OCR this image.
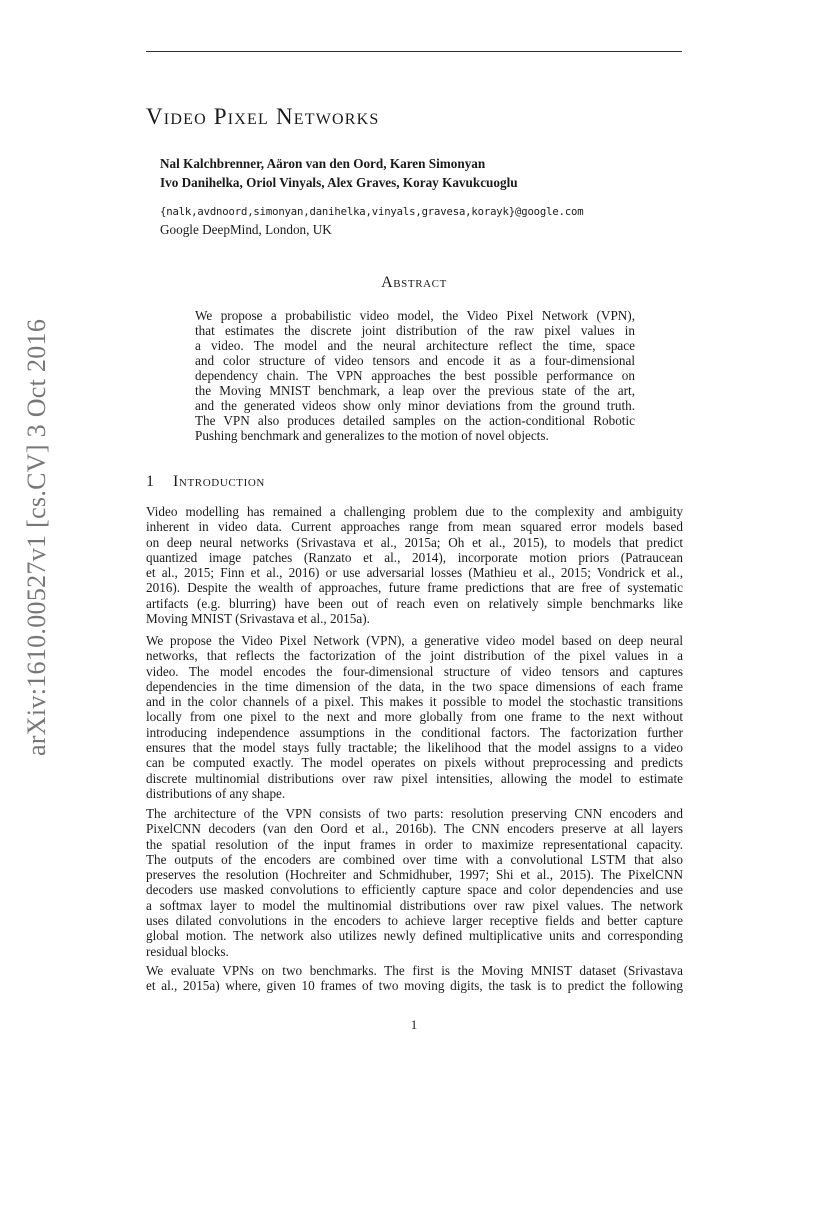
Video Pixel Networks
Nal Kalchbrenner, Aäron van den Oord, Karen Simonyan
Ivo Danihelka, Oriol Vinyals, Alex Graves, Koray Kavukcuoglu
{nalk,avdnoord,simonyan,danihelka,vinyals,gravesa,korayk}@google.com
Google DeepMind, London, UK
Abstract
We propose a probabilistic video model, the Video Pixel Network (VPN),
that estimates the discrete joint distribution of the raw pixel values in
a video. The model and the neural architecture reflect the time, space
and color structure of video tensors and encode it as a four-dimensional
dependency chain. The VPN approaches the best possible performance on
the Moving MNIST benchmark, a leap over the previous state of the art,
and the generated videos show only minor deviations from the ground truth.
The VPN also produces detailed samples on the action-conditional Robotic
Pushing benchmark and generalizes to the motion of novel objects.
1 Introduction
Video modelling has remained a challenging problem due to the complexity and ambiguity
inherent in video data. Current approaches range from mean squared error models based
on deep neural networks (Srivastava et al., 2015a; Oh et al., 2015), to models that predict
quantized image patches (Ranzato et al., 2014), incorporate motion priors (Patraucean
et al., 2015; Finn et al., 2016) or use adversarial losses (Mathieu et al., 2015; Vondrick et al.,
2016). Despite the wealth of approaches, future frame predictions that are free of systematic
artifacts (e.g. blurring) have been out of reach even on relatively simple benchmarks like
Moving MNIST (Srivastava et al., 2015a).
We propose the Video Pixel Network (VPN), a generative video model based on deep neural
networks, that reflects the factorization of the joint distribution of the pixel values in a
video. The model encodes the four-dimensional structure of video tensors and captures
dependencies in the time dimension of the data, in the two space dimensions of each frame
and in the color channels of a pixel. This makes it possible to model the stochastic transitions
locally from one pixel to the next and more globally from one frame to the next without
introducing independence assumptions in the conditional factors. The factorization further
ensures that the model stays fully tractable; the likelihood that the model assigns to a video
can be computed exactly. The model operates on pixels without preprocessing and predicts
discrete multinomial distributions over raw pixel intensities, allowing the model to estimate
distributions of any shape.
The architecture of the VPN consists of two parts: resolution preserving CNN encoders and
PixelCNN decoders (van den Oord et al., 2016b). The CNN encoders preserve at all layers
the spatial resolution of the input frames in order to maximize representational capacity.
The outputs of the encoders are combined over time with a convolutional LSTM that also
preserves the resolution (Hochreiter and Schmidhuber, 1997; Shi et al., 2015). The PixelCNN
decoders use masked convolutions to efficiently capture space and color dependencies and use
a softmax layer to model the multinomial distributions over raw pixel values. The network
uses dilated convolutions in the encoders to achieve larger receptive fields and better capture
global motion. The network also utilizes newly defined multiplicative units and corresponding
residual blocks.
We evaluate VPNs on two benchmarks. The first is the Moving MNIST dataset (Srivastava
et al., 2015a) where, given 10 frames of two moving digits, the task is to predict the following
arXiv:1610.00527v1 [cs.CV] 3 Oct 2016
1
